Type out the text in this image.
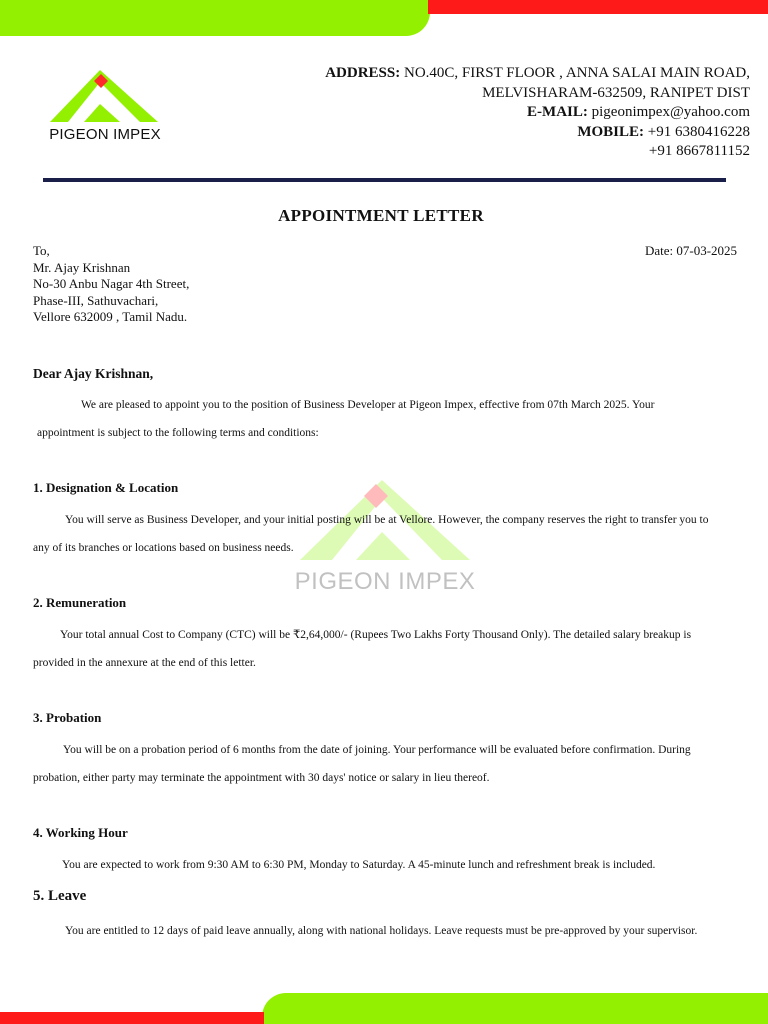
PIGEON IMPEX
ADDRESS: NO.40C, FIRST FLOOR , ANNA SALAI MAIN ROAD,
MELVISHARAM-632509, RANIPET DIST
E-MAIL: pigeonimpex@yahoo.com
MOBILE: +91 6380416228
+91 8667811152
APPOINTMENT LETTER
To,
Mr. Ajay Krishnan
No-30 Anbu Nagar 4th Street,
Phase-III, Sathuvachari,
Vellore 632009 , Tamil Nadu.
Date: 07-03-2025
Dear Ajay Krishnan,

We are pleased to appoint you to the position of Business Developer at Pigeon Impex, effective from 07th March 2025. Your

appointment is subject to the following terms and conditions:

PIGEON IMPEX
1. Designation & Location

You will serve as Business Developer, and your initial posting will be at Vellore. However, the company reserves the right to transfer you to

any of its branches or locations based on business needs.

2. Remuneration

Your total annual Cost to Company (CTC) will be ₹2,64,000/- (Rupees Two Lakhs Forty Thousand Only). The detailed salary breakup is

provided in the annexure at the end of this letter.

3. Probation

You will be on a probation period of 6 months from the date of joining. Your performance will be evaluated before confirmation. During

probation, either party may terminate the appointment with 30 days' notice or salary in lieu thereof.

4. Working Hour

You are expected to work from 9:30 AM to 6:30 PM, Monday to Saturday. A 45-minute lunch and refreshment break is included.

5. Leave

You are entitled to 12 days of paid leave annually, along with national holidays. Leave requests must be pre-approved by your supervisor.
